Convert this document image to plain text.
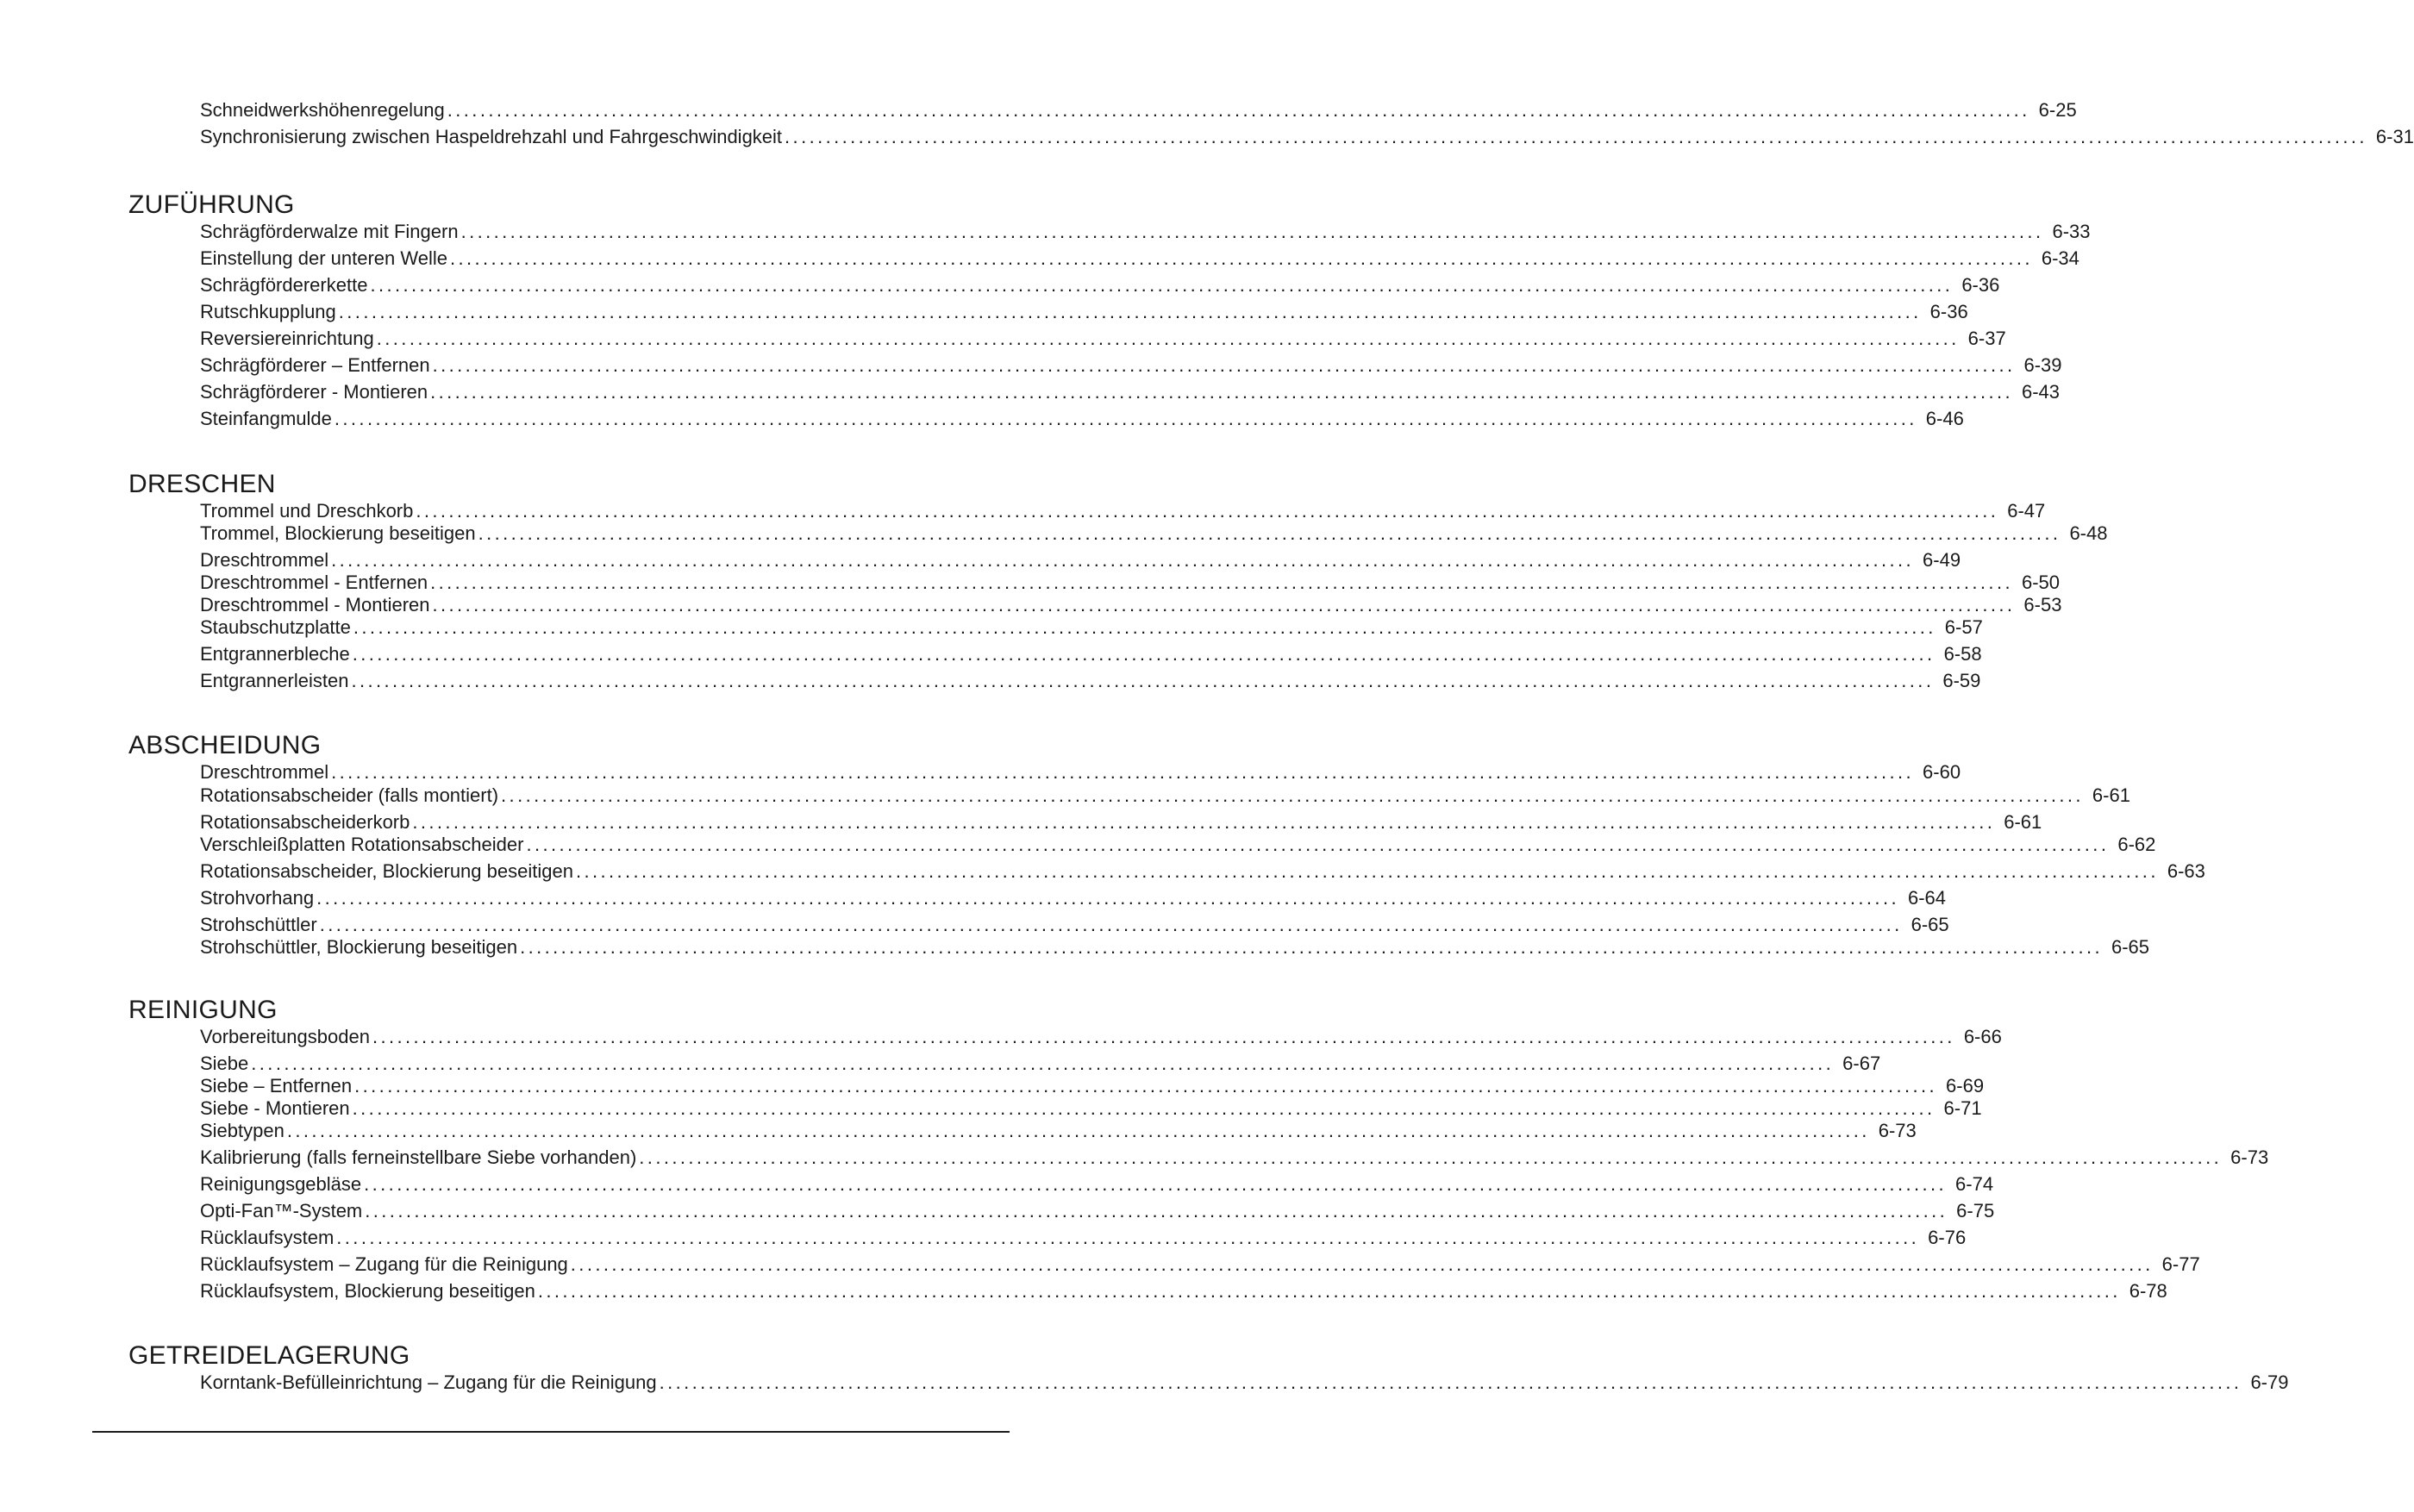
Schneidwerkshöhenregelung ................................................................................................................................................................................................. 6-25
Synchronisierung zwischen Haspeldrehzahl und Fahrgeschwindigkeit ................................................................................................................................................................................................. 6-31
ZUFÜHRUNG
Schrägförderwalze mit Fingern ................................................................................................................................................................................................. 6-33
Einstellung der unteren Welle ................................................................................................................................................................................................. 6-34
Schrägfördererkette ................................................................................................................................................................................................. 6-36
Rutschkupplung ................................................................................................................................................................................................. 6-36
Reversiereinrichtung ................................................................................................................................................................................................. 6-37
Schrägförderer – Entfernen ................................................................................................................................................................................................. 6-39
Schrägförderer - Montieren ................................................................................................................................................................................................. 6-43
Steinfangmulde ................................................................................................................................................................................................. 6-46
DRESCHEN
Trommel und Dreschkorb ................................................................................................................................................................................................. 6-47
Trommel, Blockierung beseitigen ................................................................................................................................................................................................. 6-48
Dreschtrommel ................................................................................................................................................................................................. 6-49
Dreschtrommel - Entfernen ................................................................................................................................................................................................. 6-50
Dreschtrommel - Montieren ................................................................................................................................................................................................. 6-53
Staubschutzplatte ................................................................................................................................................................................................. 6-57
Entgrannerbleche ................................................................................................................................................................................................. 6-58
Entgrannerleisten ................................................................................................................................................................................................. 6-59
ABSCHEIDUNG
Dreschtrommel ................................................................................................................................................................................................. 6-60
Rotationsabscheider (falls montiert) ................................................................................................................................................................................................. 6-61
Rotationsabscheiderkorb ................................................................................................................................................................................................. 6-61
Verschleißplatten Rotationsabscheider ................................................................................................................................................................................................. 6-62
Rotationsabscheider, Blockierung beseitigen ................................................................................................................................................................................................. 6-63
Strohvorhang ................................................................................................................................................................................................. 6-64
Strohschüttler ................................................................................................................................................................................................. 6-65
Strohschüttler, Blockierung beseitigen ................................................................................................................................................................................................. 6-65
REINIGUNG
Vorbereitungsboden ................................................................................................................................................................................................. 6-66
Siebe ................................................................................................................................................................................................. 6-67
Siebe – Entfernen ................................................................................................................................................................................................. 6-69
Siebe - Montieren ................................................................................................................................................................................................. 6-71
Siebtypen ................................................................................................................................................................................................. 6-73
Kalibrierung (falls ferneinstellbare Siebe vorhanden) ................................................................................................................................................................................................. 6-73
Reinigungsgebläse ................................................................................................................................................................................................. 6-74
Opti-Fan™-System ................................................................................................................................................................................................. 6-75
Rücklaufsystem ................................................................................................................................................................................................. 6-76
Rücklaufsystem – Zugang für die Reinigung ................................................................................................................................................................................................. 6-77
Rücklaufsystem, Blockierung beseitigen ................................................................................................................................................................................................. 6-78
GETREIDELAGERUNG
Korntank-Befülleinrichtung – Zugang für die Reinigung ................................................................................................................................................................................................. 6-79
